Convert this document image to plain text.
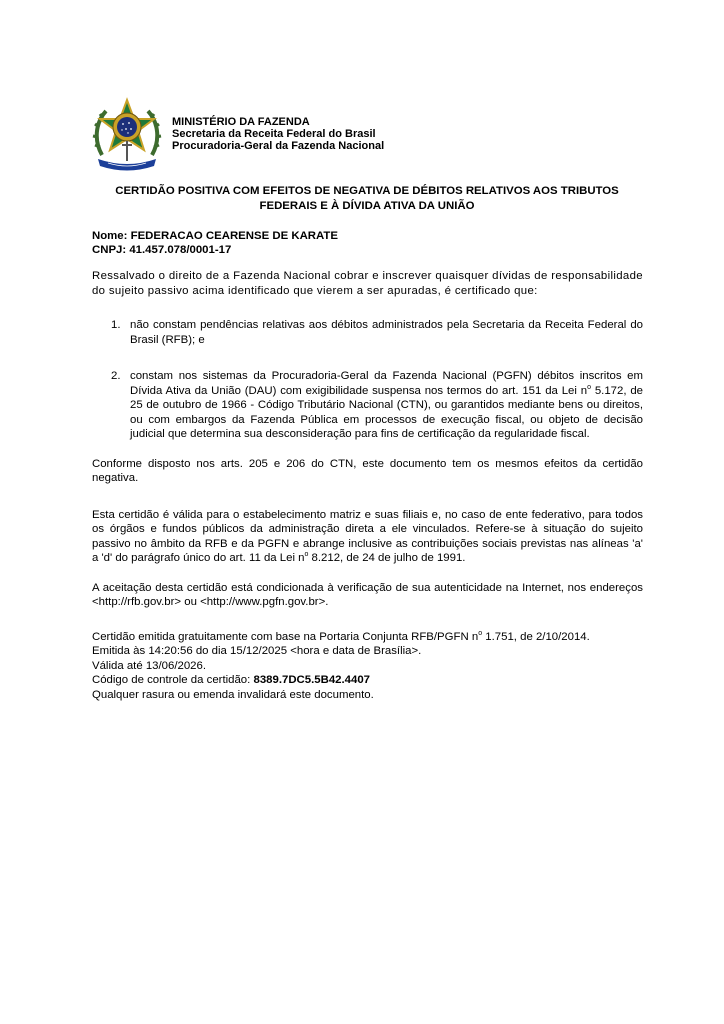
MINISTÉRIO DA FAZENDA
Secretaria da Receita Federal do Brasil
Procuradoria-Geral da Fazenda Nacional
CERTIDÃO POSITIVA COM EFEITOS DE NEGATIVA DE DÉBITOS RELATIVOS AOS TRIBUTOS
FEDERAIS E À DÍVIDA ATIVA DA UNIÃO
Nome: FEDERACAO CEARENSE DE KARATE
CNPJ: 41.457.078/0001-17

Ressalvado o direito de a Fazenda Nacional cobrar e inscrever quaisquer dívidas de responsabilidade do sujeito passivo acima identificado que vierem a ser apuradas, é certificado que:

1. não constam pendências relativas aos débitos administrados pela Secretaria da Receita Federal do Brasil (RFB); e
2. constam nos sistemas da Procuradoria-Geral da Fazenda Nacional (PGFN) débitos inscritos em Dívida Ativa da União (DAU) com exigibilidade suspensa nos termos do art. 151 da Lei $n^o$ 5.172, de 25 de outubro de 1966 - Código Tributário Nacional (CTN), ou garantidos mediante bens ou direitos, ou com embargos da Fazenda Pública em processos de execução fiscal, ou objeto de decisão judicial que determina sua desconsideração para fins de certificação da regularidade fiscal.

Conforme disposto nos arts. 205 e 206 do CTN, este documento tem os mesmos efeitos da certidão negativa.

Esta certidão é válida para o estabelecimento matriz e suas filiais e, no caso de ente federativo, para todos os órgãos e fundos públicos da administração direta a ele vinculados. Refere-se à situação do sujeito passivo no âmbito da RFB e da PGFN e abrange inclusive as contribuições sociais previstas nas alíneas 'a' a 'd' do parágrafo único do art. 11 da Lei $n^o$ 8.212, de 24 de julho de 1991.

A aceitação desta certidão está condicionada à verificação de sua autenticidade na Internet, nos endereços <http://rfb.gov.br> ou <http://www.pgfn.gov.br>.

Certidão emitida gratuitamente com base na Portaria Conjunta RFB/PGFN $n^o$ 1.751, de 2/10/2014.

Emitida às 14:20:56 do dia 15/12/2025 <hora e data de Brasília>.

Válida até 13/06/2026.

Código de controle da certidão: 8389.7DC5.5B42.4407

Qualquer rasura ou emenda invalidará este documento.
